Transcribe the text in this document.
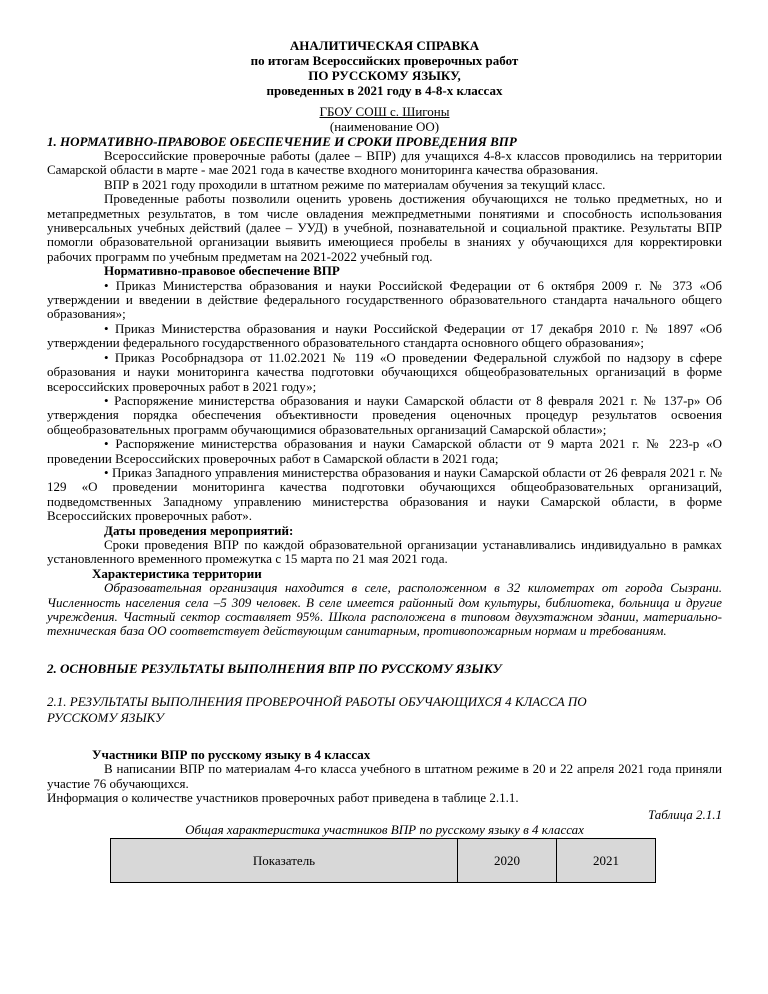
АНАЛИТИЧЕСКАЯ СПРАВКА
по итогам Всероссийских проверочных работ
ПО РУССКОМУ ЯЗЫКУ,
проведенных в 2021 году в 4-8-х классах
ГБОУ СОШ с. Шигоны
(наименование ОО)
1. НОРМАТИВНО-ПРАВОВОЕ ОБЕСПЕЧЕНИЕ И СРОКИ ПРОВЕДЕНИЯ ВПР

Всероссийские проверочные работы (далее – ВПР) для учащихся 4-8-х классов проводились на территории Самарской области в марте - мае 2021 года в качестве входного мониторинга качества образования.

ВПР в 2021 году проходили в штатном режиме по материалам обучения за текущий класс.

Проведенные работы позволили оценить уровень достижения обучающихся не только предметных, но и метапредметных результатов, в том числе овладения межпредметными понятиями и способность использования универсальных учебных действий (далее – УУД) в учебной, познавательной и социальной практике. Результаты ВПР помогли образовательной организации выявить имеющиеся пробелы в знаниях у обучающихся для корректировки рабочих программ по учебным предметам на 2021-2022 учебный год.

Нормативно-правовое обеспечение ВПР

• Приказ Министерства образования и науки Российской Федерации от 6 октября 2009 г. № 373 «Об утверждении и введении в действие федерального государственного образовательного стандарта начального общего образования»;

• Приказ Министерства образования и науки Российской Федерации от 17 декабря 2010 г. № 1897 «Об утверждении федерального государственного образовательного стандарта основного общего образования»;

• Приказ Рособрнадзора от 11.02.2021 № 119 «О проведении Федеральной службой по надзору в сфере образования и науки мониторинга качества подготовки обучающихся общеобразовательных организаций в форме всероссийских проверочных работ в 2021 году»;

• Распоряжение министерства образования и науки Самарской области от 8 февраля 2021 г. № 137-р» Об утверждения порядка обеспечения объективности проведения оценочных процедур результатов освоения общеобразовательных программ обучающимися образовательных организаций Самарской области»;

• Распоряжение министерства образования и науки Самарской области от 9 марта 2021 г. № 223-р «О проведении Всероссийских проверочных работ в Самарской области в 2021 года;

• Приказ Западного управления министерства образования и науки Самарской области от 26 февраля 2021 г. № 129 «О проведении мониторинга качества подготовки обучающихся общеобразовательных организаций, подведомственных Западному управлению министерства образования и науки Самарской области, в форме Всероссийских проверочных работ».

Даты проведения мероприятий:

Сроки проведения ВПР по каждой образовательной организации устанавливались индивидуально в рамках установленного временного промежутка с 15 марта по 21 мая 2021 года.

Характеристика территории

Образовательная организация находится в селе, расположенном в 32 километрах от города Сызрани. Численность населения села –5 309 человек. В селе имеется районный дом культуры, библиотека, больница и другие учреждения. Частный сектор составляет 95%. Школа расположена в типовом двухэтажном здании, материально-техническая база ОО соответствует действующим санитарным, противопожарным нормам и требованиям.

2. ОСНОВНЫЕ РЕЗУЛЬТАТЫ ВЫПОЛНЕНИЯ ВПР ПО РУССКОМУ ЯЗЫКУ
2.1. РЕЗУЛЬТАТЫ ВЫПОЛНЕНИЯ ПРОВЕРОЧНОЙ РАБОТЫ ОБУЧАЮЩИХСЯ 4 КЛАССА ПО РУССКОМУ ЯЗЫКУ
Участники ВПР по русскому языку в 4 классах

В написании ВПР по материалам 4-го класса учебного в штатном режиме в 20 и 22 апреля 2021 года приняли участие 76 обучающихся.

Информация о количестве участников проверочных работ приведена в таблице 2.1.1.

Таблица 2.1.1
Общая характеристика участников ВПР по русскому языку в 4 классах
Показатель	2020	2021
